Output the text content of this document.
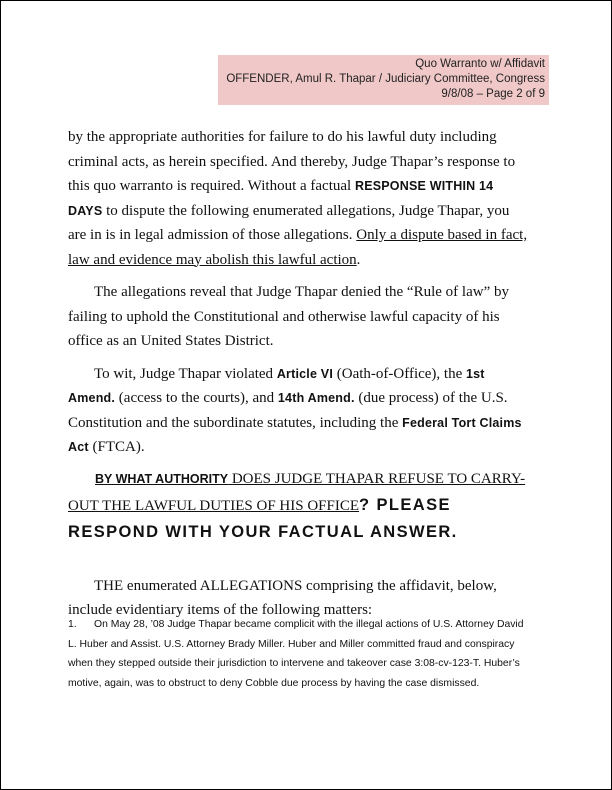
Quo Warranto w/ Affidavit
OFFENDER, Amul R. Thapar / Judiciary Committee, Congress
9/8/08 – Page 2 of 9

by the appropriate authorities for failure to do his lawful duty including criminal acts, as herein specified. And thereby, Judge Thapar’s response to this quo warranto is required. Without a factual RESPONSE WITHIN 14 DAYS to dispute the following enumerated allegations, Judge Thapar, you are in is in legal admission of those allegations. Only a dispute based in fact, law and evidence may abolish this lawful action.

The allegations reveal that Judge Thapar denied the “Rule of law” by failing to uphold the Constitutional and otherwise lawful capacity of his office as an United States District.

To wit, Judge Thapar violated Article VI (Oath-of-Office), the 1st Amend. (access to the courts), and 14th Amend. (due process) of the U.S. Constitution and the subordinate statutes, including the Federal Tort Claims Act (FTCA).

BY WHAT AUTHORITY DOES JUDGE THAPAR REFUSE TO CARRY-OUT THE LAWFUL DUTIES OF HIS OFFICE? PLEASE RESPOND WITH YOUR FACTUAL ANSWER.

THE enumerated ALLEGATIONS comprising the affidavit, below, include evidentiary items of the following matters:

1. On May 28, ’08 Judge Thapar became complicit with the illegal actions of U.S. Attorney David L. Huber and Assist. U.S. Attorney Brady Miller. Huber and Miller committed fraud and conspiracy when they stepped outside their jurisdiction to intervene and takeover case 3:08-cv-123-T. Huber’s motive, again, was to obstruct to deny Cobble due process by having the case dismissed.
